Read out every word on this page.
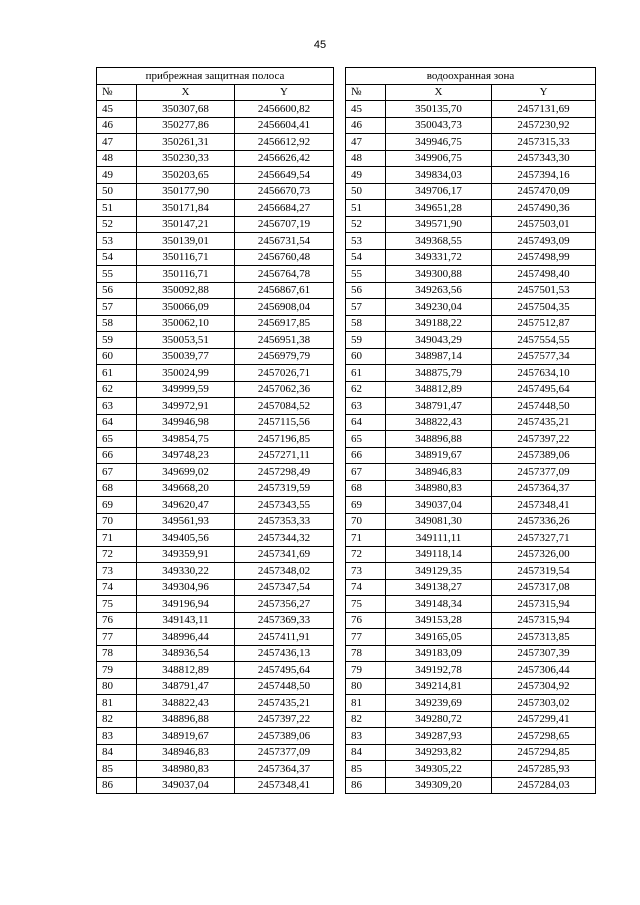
45
прибрежная защитная полоса				водоохранная зона		
№	X	Y		№	X	Y
45	350307,68	2456600,82		45	350135,70	2457131,69
46	350277,86	2456604,41		46	350043,73	2457230,92
47	350261,31	2456612,92		47	349946,75	2457315,33
48	350230,33	2456626,42		48	349906,75	2457343,30
49	350203,65	2456649,54		49	349834,03	2457394,16
50	350177,90	2456670,73		50	349706,17	2457470,09
51	350171,84	2456684,27		51	349651,28	2457490,36
52	350147,21	2456707,19		52	349571,90	2457503,01
53	350139,01	2456731,54		53	349368,55	2457493,09
54	350116,71	2456760,48		54	349331,72	2457498,99
55	350116,71	2456764,78		55	349300,88	2457498,40
56	350092,88	2456867,61		56	349263,56	2457501,53
57	350066,09	2456908,04		57	349230,04	2457504,35
58	350062,10	2456917,85		58	349188,22	2457512,87
59	350053,51	2456951,38		59	349043,29	2457554,55
60	350039,77	2456979,79		60	348987,14	2457577,34
61	350024,99	2457026,71		61	348875,79	2457634,10
62	349999,59	2457062,36		62	348812,89	2457495,64
63	349972,91	2457084,52		63	348791,47	2457448,50
64	349946,98	2457115,56		64	348822,43	2457435,21
65	349854,75	2457196,85		65	348896,88	2457397,22
66	349748,23	2457271,11		66	348919,67	2457389,06
67	349699,02	2457298,49		67	348946,83	2457377,09
68	349668,20	2457319,59		68	348980,83	2457364,37
69	349620,47	2457343,55		69	349037,04	2457348,41
70	349561,93	2457353,33		70	349081,30	2457336,26
71	349405,56	2457344,32		71	349111,11	2457327,71
72	349359,91	2457341,69		72	349118,14	2457326,00
73	349330,22	2457348,02		73	349129,35	2457319,54
74	349304,96	2457347,54		74	349138,27	2457317,08
75	349196,94	2457356,27		75	349148,34	2457315,94
76	349143,11	2457369,33		76	349153,28	2457315,94
77	348996,44	2457411,91		77	349165,05	2457313,85
78	348936,54	2457436,13		78	349183,09	2457307,39
79	348812,89	2457495,64		79	349192,78	2457306,44
80	348791,47	2457448,50		80	349214,81	2457304,92
81	348822,43	2457435,21		81	349239,69	2457303,02
82	348896,88	2457397,22		82	349280,72	2457299,41
83	348919,67	2457389,06		83	349287,93	2457298,65
84	348946,83	2457377,09		84	349293,82	2457294,85
85	348980,83	2457364,37		85	349305,22	2457285,93
86	349037,04	2457348,41		86	349309,20	2457284,03
